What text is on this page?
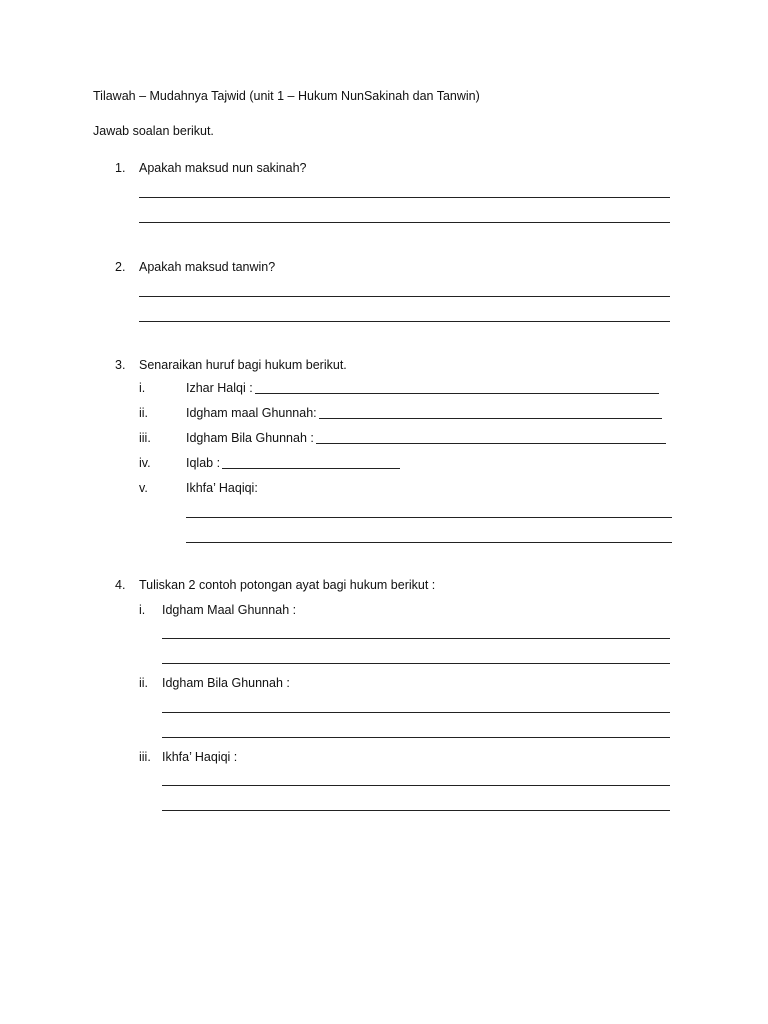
Tilawah – Mudahnya Tajwid (unit 1 – Hukum NunSakinah dan Tanwin)
Jawab soalan berikut.
1. Apakah maksud nun sakinah?
2. Apakah maksud tanwin?
3. Senaraikan huruf bagi hukum berikut.
i.	Izhar Halqi :
ii.	Idgham maal Ghunnah:
iii.	Idgham Bila Ghunnah :
iv.	Iqlab :
v.	Ikhfa’ Haqiqi:
4. Tuliskan 2 contoh potongan ayat bagi hukum berikut :
i. Idgham Maal Ghunnah :
ii. Idgham Bila Ghunnah :
iii. Ikhfa’ Haqiqi :
